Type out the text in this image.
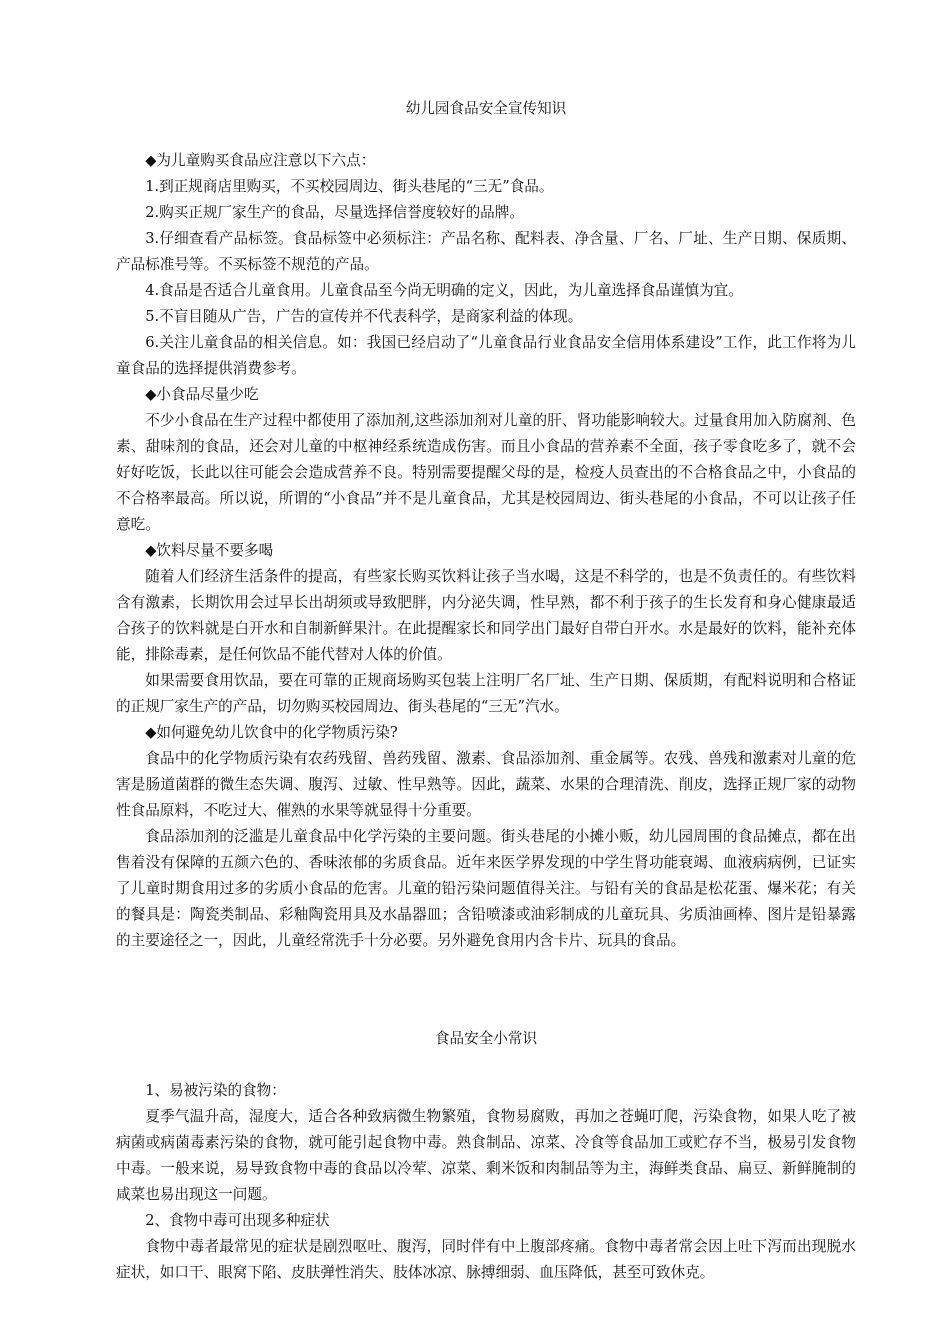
幼儿园食品安全宣传知识

◆为儿童购买食品应注意以下六点：

1.到正规商店里购买，不买校园周边、街头巷尾的“三无”食品。

2.购买正规厂家生产的食品，尽量选择信誉度较好的品牌。

3.仔细查看产品标签。食品标签中必须标注：产品名称、配料表、净含量、厂名、厂址、生产日期、保质期、产品标准号等。不买标签不规范的产品。

4.食品是否适合儿童食用。儿童食品至今尚无明确的定义，因此，为儿童选择食品谨慎为宜。

5.不盲目随从广告，广告的宣传并不代表科学，是商家利益的体现。

6.关注儿童食品的相关信息。如：我国已经启动了“儿童食品行业食品安全信用体系建设”工作，此工作将为儿童食品的选择提供消费参考。

◆小食品尽量少吃

不少小食品在生产过程中都使用了添加剂,这些添加剂对儿童的肝、肾功能影响较大。过量食用加入防腐剂、色素、甜味剂的食品，还会对儿童的中枢神经系统造成伤害。而且小食品的营养素不全面，孩子零食吃多了，就不会好好吃饭，长此以往可能会会造成营养不良。特别需要提醒父母的是，检疫人员查出的不合格食品之中，小食品的不合格率最高。所以说，所谓的“小食品”并不是儿童食品，尤其是校园周边、街头巷尾的小食品，不可以让孩子任意吃。

◆饮料尽量不要多喝

随着人们经济生活条件的提高，有些家长购买饮料让孩子当水喝，这是不科学的，也是不负责任的。有些饮料含有激素，长期饮用会过早长出胡须或导致肥胖，内分泌失调，性早熟，都不利于孩子的生长发育和身心健康最适合孩子的饮料就是白开水和自制新鲜果汁。在此提醒家长和同学出门最好自带白开水。水是最好的饮料，能补充体能，排除毒素，是任何饮品不能代替对人体的价值。

如果需要食用饮品，要在可靠的正规商场购买包装上注明厂名厂址、生产日期、保质期，有配料说明和合格证的正规厂家生产的产品，切勿购买校园周边、街头巷尾的“三无”汽水。

◆如何避免幼儿饮食中的化学物质污染?

食品中的化学物质污染有农药残留、兽药残留、激素、食品添加剂、重金属等。农残、兽残和激素对儿童的危害是肠道菌群的微生态失调、腹泻、过敏、性早熟等。因此，蔬菜、水果的合理清洗、削皮，选择正规厂家的动物性食品原料，不吃过大、催熟的水果等就显得十分重要。

食品添加剂的泛滥是儿童食品中化学污染的主要问题。街头巷尾的小摊小贩，幼儿园周围的食品摊点，都在出售着没有保障的五颜六色的、香味浓郁的劣质食品。近年来医学界发现的中学生肾功能衰竭、血液病病例，已证实了儿童时期食用过多的劣质小食品的危害。儿童的铅污染问题值得关注。与铅有关的食品是松花蛋、爆米花；有关的餐具是：陶瓷类制品、彩釉陶瓷用具及水晶器皿；含铅喷漆或油彩制成的儿童玩具、劣质油画棒、图片是铅暴露的主要途径之一，因此，儿童经常洗手十分必要。另外避免食用内含卡片、玩具的食品。

食品安全小常识

1、易被污染的食物：

夏季气温升高，湿度大，适合各种致病微生物繁殖，食物易腐败，再加之苍蝇叮爬，污染食物，如果人吃了被病菌或病菌毒素污染的食物，就可能引起食物中毒。熟食制品、凉菜、冷食等食品加工或贮存不当，极易引发食物中毒。一般来说，易导致食物中毒的食品以冷荤、凉菜、剩米饭和肉制品等为主，海鲜类食品、扁豆、新鲜腌制的咸菜也易出现这一问题。

2、食物中毒可出现多种症状

食物中毒者最常见的症状是剧烈呕吐、腹泻，同时伴有中上腹部疼痛。食物中毒者常会因上吐下泻而出现脱水症状，如口干、眼窝下陷、皮肤弹性消失、肢体冰凉、脉搏细弱、血压降低，甚至可致休克。
